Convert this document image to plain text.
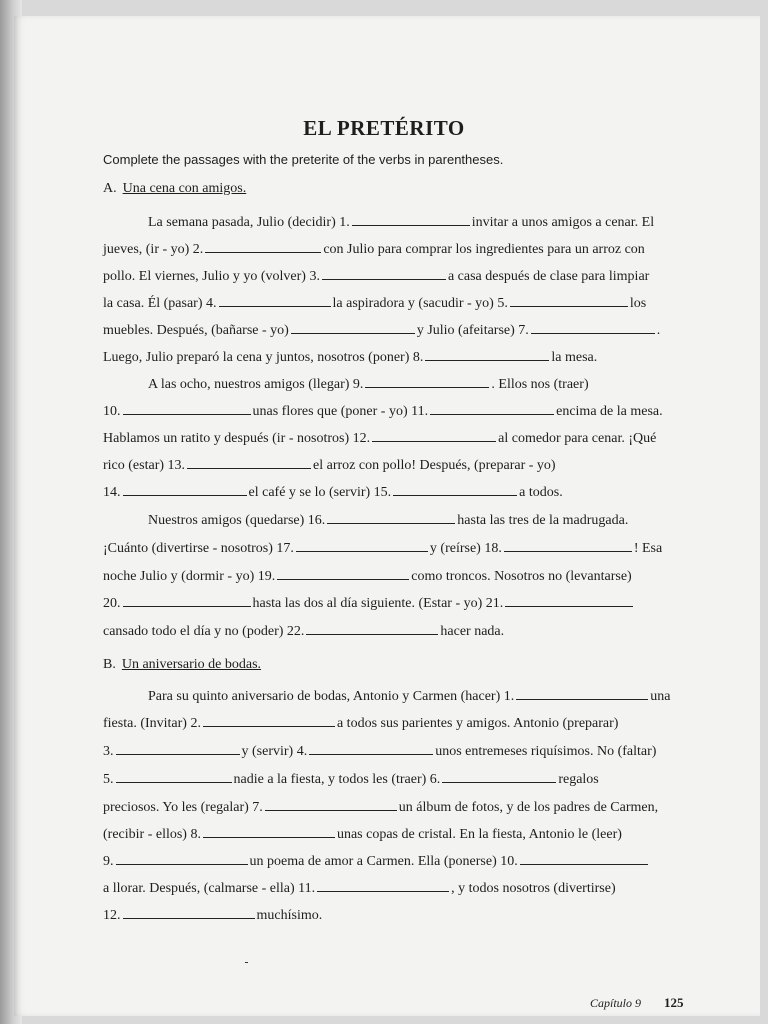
EL PRETÉRITO
Complete the passages with the preterite of the verbs in parentheses.
A. Una cena con amigos.
La semana pasada, Julio (decidir) 1.	invitar a unos amigos a cenar. El
jueves, (ir - yo) 2.	con Julio para comprar los ingredientes para un arroz con
pollo. El viernes, Julio y yo (volver) 3.	a casa después de clase para limpiar
la casa. Él (pasar) 4.	la aspiradora y (sacudir - yo) 5.	los
muebles. Después, (bañarse - yo)	y Julio (afeitarse) 7.	.
Luego, Julio preparó la cena y juntos, nosotros (poner) 8.	la mesa.
A las ocho, nuestros amigos (llegar) 9.	. Ellos nos (traer)
10.	unas flores que (poner - yo) 11.	encima de la mesa.
Hablamos un ratito y después (ir - nosotros) 12.	al comedor para cenar. ¡Qué
rico (estar) 13.	el arroz con pollo! Después, (preparar - yo)
14.	el café y se lo (servir) 15.	a todos.
Nuestros amigos (quedarse) 16.	hasta las tres de la madrugada.
¡Cuánto (divertirse - nosotros) 17.	y (reírse) 18.	! Esa
noche Julio y (dormir - yo) 19.	como troncos. Nosotros no (levantarse)
20.	hasta las dos al día siguiente. (Estar - yo) 21.
cansado todo el día y no (poder) 22.	hacer nada.
B. Un aniversario de bodas.
Para su quinto aniversario de bodas, Antonio y Carmen (hacer) 1.	una
fiesta. (Invitar) 2.	a todos sus parientes y amigos. Antonio (preparar)
3.	y (servir) 4.	unos entremeses riquísimos. No (faltar)
5.	nadie a la fiesta, y todos les (traer) 6.	regalos
preciosos. Yo les (regalar) 7.	un álbum de fotos, y de los padres de Carmen,
(recibir - ellos) 8.	unas copas de cristal. En la fiesta, Antonio le (leer)
9.	un poema de amor a Carmen. Ella (ponerse) 10.
a llorar. Después, (calmarse - ella) 11.	, y todos nosotros (divertirse)
12.	muchísimo.
Capítulo 9 125
